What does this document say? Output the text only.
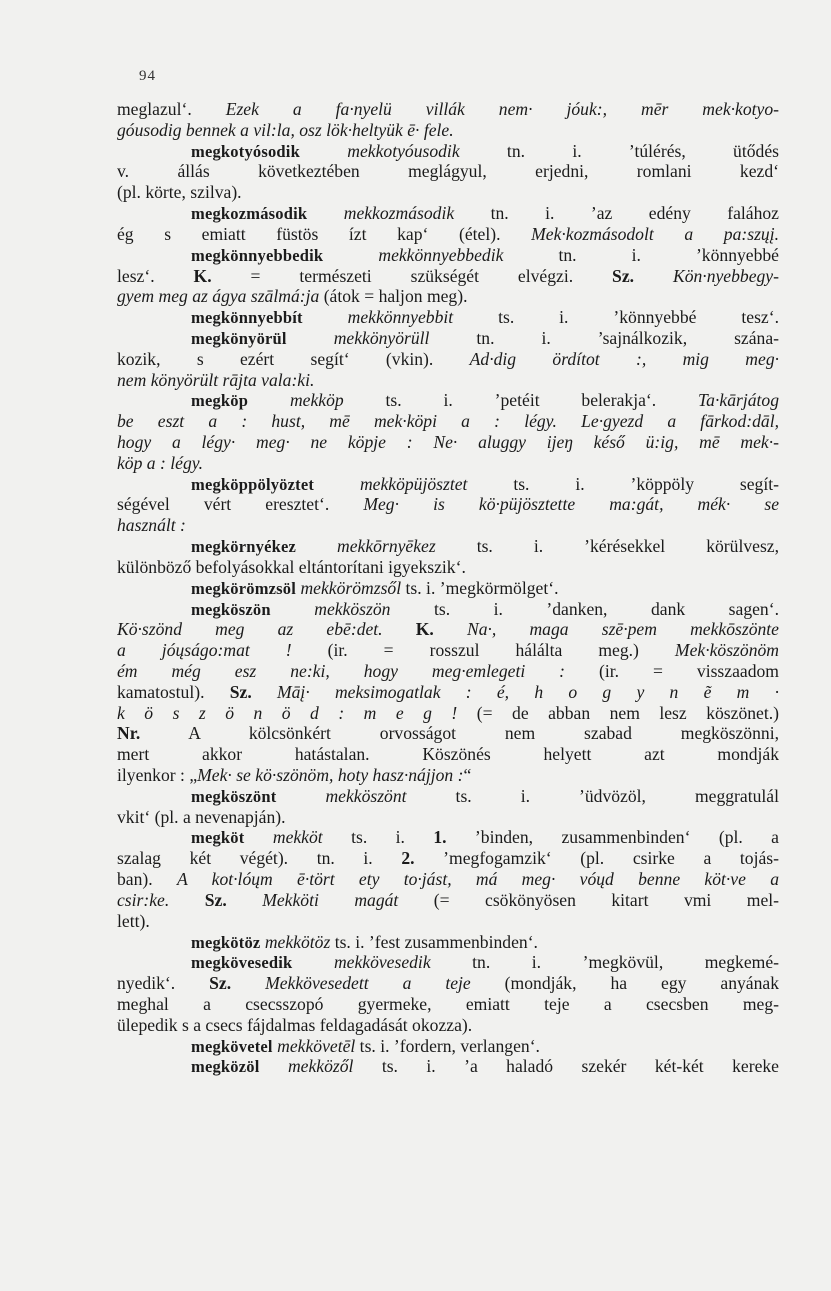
94
meglazul‘. Ezek a fa·nyelü villák nem· jóuk:, mēr mek·kotyo-
góusodig bennek a vil:la, osz lök·heltyük ē· fele.
megkotyósodik	mekkotyóusodik tn. i. ’túlérés, ütődés
v. állás következtében meglágyul, erjedni, romlani kezd‘
(pl. körte, szilva).
megkozmásodik mekkozmásodik tn. i. ’az edény falához
ég s emiatt füstös ízt kap‘ (étel). Mek·kozmásodolt a pa:szųį.
megkönnyebbedik	mekkönnyebbedik tn. i. ’könnyebbé
lesz‘. K. = természeti szükségét elvégzi. Sz. Kön·nyebbegy-
gyem meg az ágya szālmá:ja (átok = haljon meg).
megkönnyebbít	mekkönnyebbit ts. i. ’könnyebbé tesz‘.
megkönyörül	mekkönyörüll tn. i. ’sajnálkozik, szána-
kozik, s ezért segít‘ (vkin). Ad·dig ördítot :, mig meg·
nem könyörült rājta vala:ki.
megköp mekköp ts. i. ’petéit belerakja‘. Ta·kārjátog
be eszt a : hust, mē mek·köpi a : légy. Le·gyezd a fārkod:dāl,
hogy a légy· meg· ne köpje : Ne· aluggy ijeŋ késő ü:ig, mē mek·-
köp a : légy.
megköppölyöztet	mekköpüjösztet ts. i. ’köppöly segít-
ségével vért eresztet‘. Meg· is kö·püjösztette ma:gát, mék· se
használt :
megkörnyékez mekkōrnyēkez ts. i. ’kérésekkel körülvesz,
különböző befolyásokkal eltántorítani igyekszik‘.
megkörömzsöl mekkörömzsől ts. i. ’megkörmölget‘.
megköszön mekköszön ts. i. ’danken, dank sagen‘.
Kö·szönd meg az ebē:det. K. Na·, maga szē·pem mekkōszönte
a jóųságo:mat ! (ir. = rosszul hálálta meg.) Mek·köszönöm
ém még esz ne:ki, hogy meg·emlegeti : (ir. = visszaadom
kamatostul). Sz. Māį· meksimogatlak : é, h o g y n ẽ m ·
k ö s z ö n ö d : m e g ! (= de abban nem lesz köszönet.)
Nr. A kölcsönkért orvosságot nem szabad megköszönni,
mert akkor hatástalan. Köszönés helyett azt mondják
ilyenkor : „Mek· se kö·szönöm, hoty hasz·nájjon :“
megköszönt	mekköszönt ts. i. ’üdvözöl, meggratulál
vkit‘ (pl. a nevenapján).
megköt mekköt ts. i. 1. ’binden, zusammenbinden‘ (pl. a
szalag két végét). tn. i. 2. ’megfogamzik‘ (pl. csirke a tojás-
ban). A kot·lóųm ē·tört ety to·jást, má meg· vóųd benne köt·ve a
csir:ke. Sz. Mekköti magát (= csökönyösen kitart vmi mel-
lett).
megkötöz mekkötöz ts. i. ’fest zusammenbinden‘.
megkövesedik mekkövesedik tn. i. ’megkövül, megkemé-
nyedik‘. Sz. Mekkövesedett a teje (mondják, ha egy anyának
meghal a csecsszopó gyermeke, emiatt teje a csecsben meg-
ülepedik s a csecs fájdalmas feldagadását okozza).
megkövetel mekkövetēl ts. i. ’fordern, verlangen‘.
megközöl mekközől ts. i. ’a haladó szekér két-két kereke
